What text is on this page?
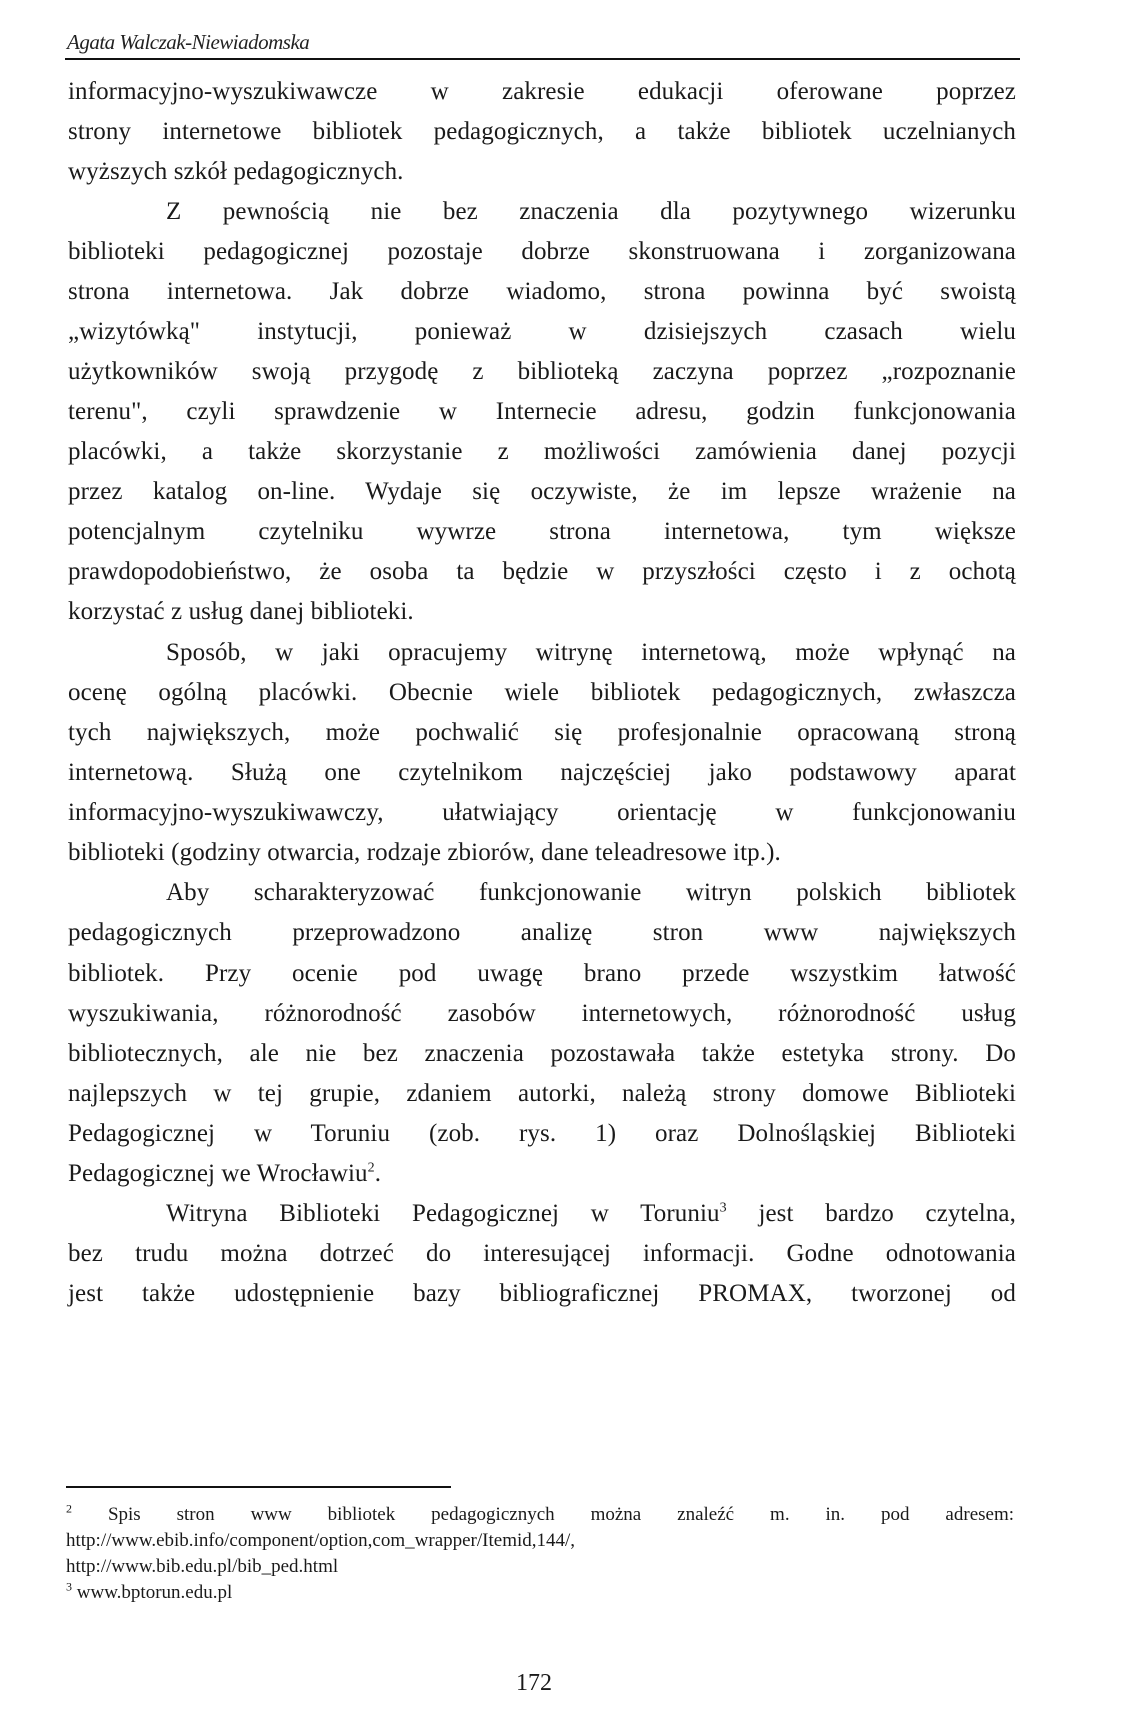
Agata Walczak-Niewiadomska
informacyjno-wyszukiwawcze w zakresie edukacji oferowane poprzez
strony internetowe bibliotek pedagogicznych, a także bibliotek uczelnianych
wyższych szkół pedagogicznych.
Z pewnością nie bez znaczenia dla pozytywnego wizerunku
biblioteki pedagogicznej pozostaje dobrze skonstruowana i zorganizowana
strona internetowa. Jak dobrze wiadomo, strona powinna być swoistą
„wizytówką" instytucji, ponieważ w dzisiejszych czasach wielu
użytkowników swoją przygodę z biblioteką zaczyna poprzez „rozpoznanie
terenu", czyli sprawdzenie w Internecie adresu, godzin funkcjonowania
placówki, a także skorzystanie z możliwości zamówienia danej pozycji
przez katalog on-line. Wydaje się oczywiste, że im lepsze wrażenie na
potencjalnym czytelniku wywrze strona internetowa, tym większe
prawdopodobieństwo, że osoba ta będzie w przyszłości często i z ochotą
korzystać z usług danej biblioteki.
Sposób, w jaki opracujemy witrynę internetową, może wpłynąć na
ocenę ogólną placówki. Obecnie wiele bibliotek pedagogicznych, zwłaszcza
tych największych, może pochwalić się profesjonalnie opracowaną stroną
internetową. Służą one czytelnikom najczęściej jako podstawowy aparat
informacyjno-wyszukiwawczy, ułatwiający orientację w funkcjonowaniu
biblioteki (godziny otwarcia, rodzaje zbiorów, dane teleadresowe itp.).
Aby scharakteryzować funkcjonowanie witryn polskich bibliotek
pedagogicznych przeprowadzono analizę stron www największych
bibliotek. Przy ocenie pod uwagę brano przede wszystkim łatwość
wyszukiwania, różnorodność zasobów internetowych, różnorodność usług
bibliotecznych, ale nie bez znaczenia pozostawała także estetyka strony. Do
najlepszych w tej grupie, zdaniem autorki, należą strony domowe Biblioteki
Pedagogicznej w Toruniu (zob. rys. 1) oraz Dolnośląskiej Biblioteki
Pedagogicznej we Wrocławiu$^2$.
Witryna Biblioteki Pedagogicznej w Toruniu$^3$ jest bardzo czytelna,
bez trudu można dotrzeć do interesującej informacji. Godne odnotowania
jest także udostępnienie bazy bibliograficznej PROMAX, tworzonej od
$^2$ Spis stron www bibliotek pedagogicznych można znaleźć m. in. pod adresem:
http://www.ebib.info/component/option,com_wrapper/Itemid,144/,
http://www.bib.edu.pl/bib_ped.html
$^3$ www.bptorun.edu.pl
172
